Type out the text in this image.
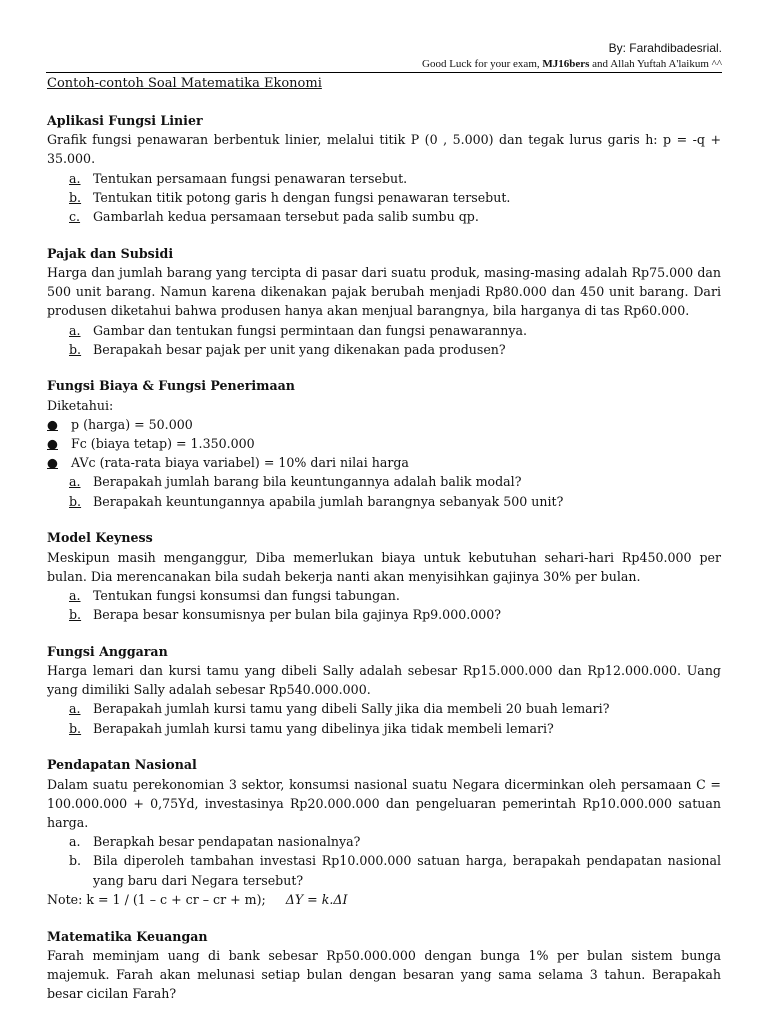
By: Farahdibadesrial.
Good Luck for your exam, MJ16bers and Allah Yuftah A'laikum ^^
Contoh-contoh Soal Matematika Ekonomi
Aplikasi Fungsi Linier
Grafik fungsi penawaran berbentuk linier, melalui titik P (0 , 5.000) dan tegak lurus garis h: p = -q + 35.000.
a. Tentukan persamaan fungsi penawaran tersebut.
b. Tentukan titik potong garis h dengan fungsi penawaran tersebut.
c. Gambarlah kedua persamaan tersebut pada salib sumbu qp.
Pajak dan Subsidi
Harga dan jumlah barang yang tercipta di pasar dari suatu produk, masing-masing adalah Rp75.000 dan 500 unit barang. Namun karena dikenakan pajak berubah menjadi Rp80.000 dan 450 unit barang. Dari produsen diketahui bahwa produsen hanya akan menjual barangnya, bila harganya di tas Rp60.000.
a. Gambar dan tentukan fungsi permintaan dan fungsi penawarannya.
b. Berapakah besar pajak per unit yang dikenakan pada produsen?
Fungsi Biaya & Fungsi Penerimaan
Diketahui:
● p (harga) = 50.000
● Fc (biaya tetap) = 1.350.000
● AVc (rata-rata biaya variabel) = 10% dari nilai harga
a. Berapakah jumlah barang bila keuntungannya adalah balik modal?
b. Berapakah keuntungannya apabila jumlah barangnya sebanyak 500 unit?
Model Keyness
Meskipun masih menganggur, Diba memerlukan biaya untuk kebutuhan sehari-hari Rp450.000 per bulan. Dia merencanakan bila sudah bekerja nanti akan menyisihkan gajinya 30% per bulan.
a. Tentukan fungsi konsumsi dan fungsi tabungan.
b. Berapa besar konsumisnya per bulan bila gajinya Rp9.000.000?
Fungsi Anggaran
Harga lemari dan kursi tamu yang dibeli Sally adalah sebesar Rp15.000.000 dan Rp12.000.000. Uang yang dimiliki Sally adalah sebesar Rp540.000.000.
a. Berapakah jumlah kursi tamu yang dibeli Sally jika dia membeli 20 buah lemari?
b. Berapakah jumlah kursi tamu yang dibelinya jika tidak membeli lemari?
Pendapatan Nasional
Dalam suatu perekonomian 3 sektor, konsumsi nasional suatu Negara dicerminkan oleh persamaan C = 100.000.000 + 0,75Yd, investasinya Rp20.000.000 dan pengeluaran pemerintah Rp10.000.000 satuan harga.
a. Berapkah besar pendapatan nasionalnya?
b. Bila diperoleh tambahan investasi Rp10.000.000 satuan harga, berapakah pendapatan nasional yang baru dari Negara tersebut?
Note: k = 1 / (1 – c + cr – cr + m); ΔY = k.ΔI
Matematika Keuangan
Farah meminjam uang di bank sebesar Rp50.000.000 dengan bunga 1% per bulan sistem bunga majemuk. Farah akan melunasi setiap bulan dengan besaran yang sama selama 3 tahun. Berapakah besar cicilan Farah?
